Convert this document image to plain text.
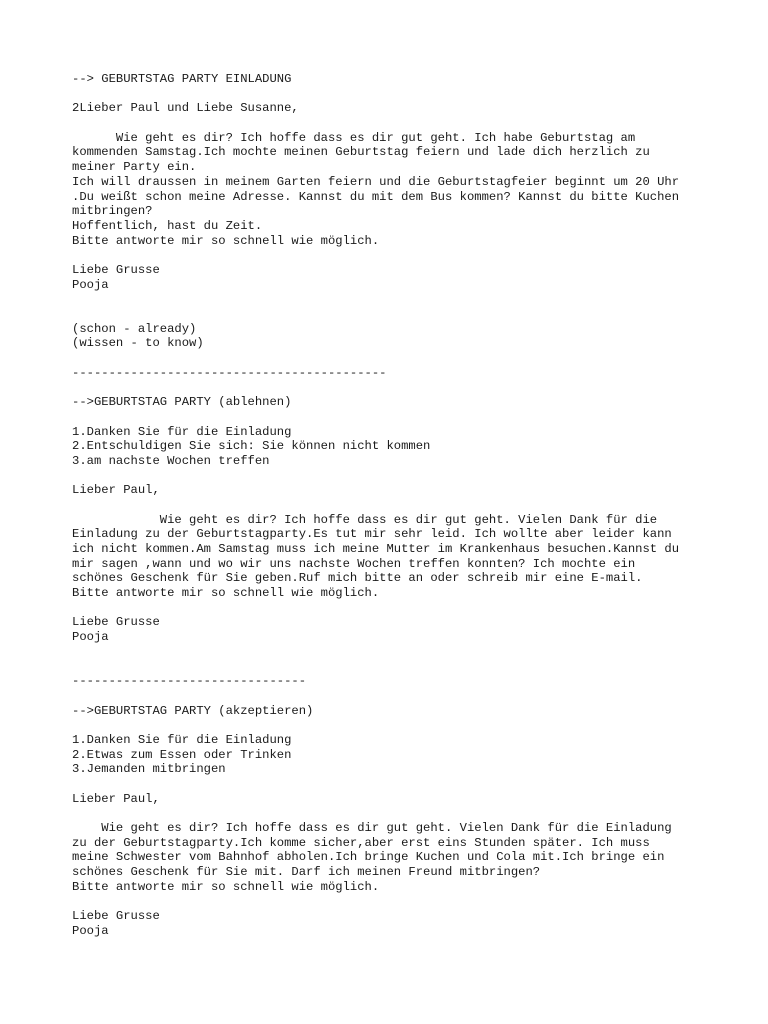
--> GEBURTSTAG PARTY EINLADUNG
2Lieber Paul und Liebe Susanne,
Wie geht es dir? Ich hoffe dass es dir gut geht. Ich habe Geburtstag am
kommenden Samstag.Ich mochte meinen Geburtstag feiern und lade dich herzlich zu
meiner Party ein.
Ich will draussen in meinem Garten feiern und die Geburtstagfeier beginnt um 20 Uhr
.Du weißt schon meine Adresse. Kannst du mit dem Bus kommen? Kannst du bitte Kuchen
mitbringen?
Hoffentlich, hast du Zeit.
Bitte antworte mir so schnell wie möglich.
Liebe Grusse
Pooja
(schon - already)
(wissen - to know)
-------------------------------------------
-->GEBURTSTAG PARTY (ablehnen)
1.Danken Sie für die Einladung
2.Entschuldigen Sie sich: Sie können nicht kommen
3.am nachste Wochen treffen
Lieber Paul,
Wie geht es dir? Ich hoffe dass es dir gut geht. Vielen Dank für die
Einladung zu der Geburtstagparty.Es tut mir sehr leid. Ich wollte aber leider kann
ich nicht kommen.Am Samstag muss ich meine Mutter im Krankenhaus besuchen.Kannst du
mir sagen ,wann und wo wir uns nachste Wochen treffen konnten? Ich mochte ein
schönes Geschenk für Sie geben.Ruf mich bitte an oder schreib mir eine E-mail.
Bitte antworte mir so schnell wie möglich.
Liebe Grusse
Pooja
--------------------------------
-->GEBURTSTAG PARTY (akzeptieren)
1.Danken Sie für die Einladung
2.Etwas zum Essen oder Trinken
3.Jemanden mitbringen
Lieber Paul,
Wie geht es dir? Ich hoffe dass es dir gut geht. Vielen Dank für die Einladung
zu der Geburtstagparty.Ich komme sicher,aber erst eins Stunden später. Ich muss
meine Schwester vom Bahnhof abholen.Ich bringe Kuchen und Cola mit.Ich bringe ein
schönes Geschenk für Sie mit. Darf ich meinen Freund mitbringen?
Bitte antworte mir so schnell wie möglich.
Liebe Grusse
Pooja
